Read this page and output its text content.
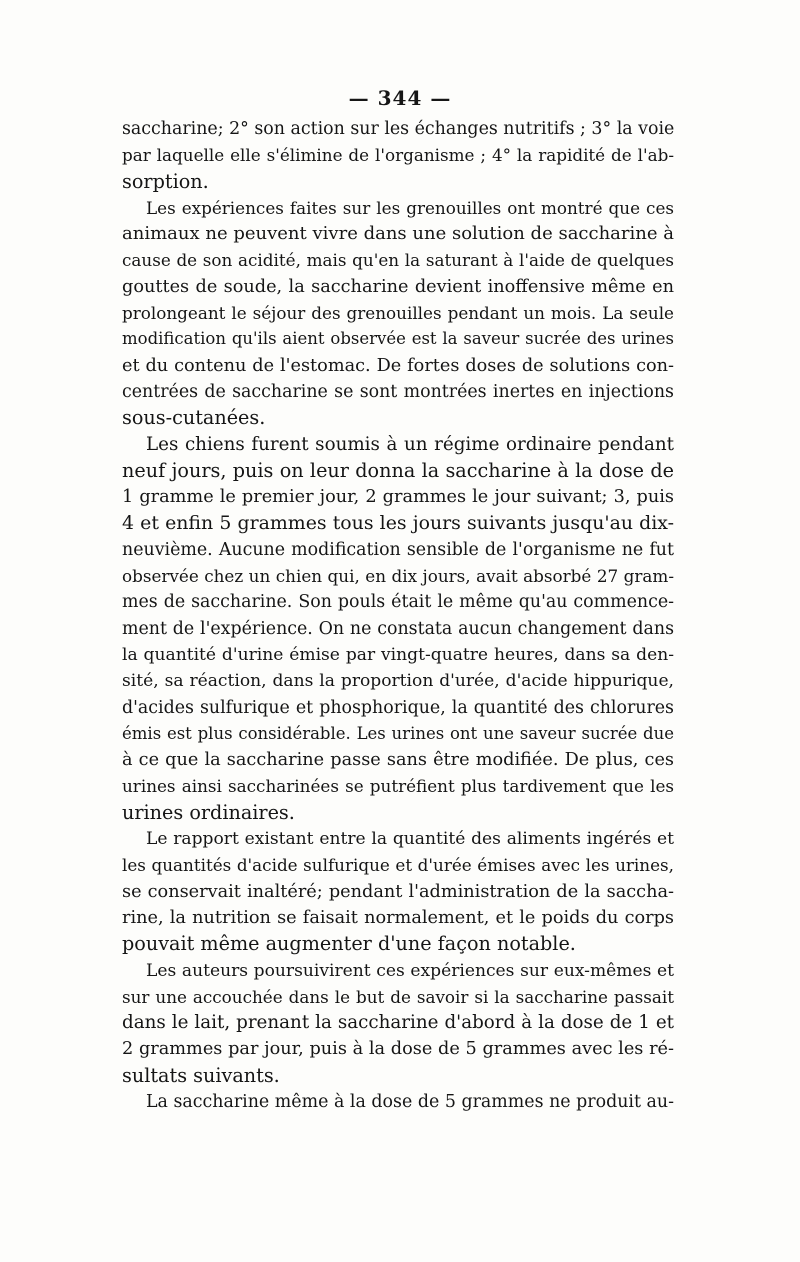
— 344 —
saccharine; 2° son action sur les échanges nutritifs ; 3° la voie
par laquelle elle s'élimine de l'organisme ; 4° la rapidité de l'ab-
sorption.
Les expériences faites sur les grenouilles ont montré que ces
animaux ne peuvent vivre dans une solution de saccharine à
cause de son acidité, mais qu'en la saturant à l'aide de quelques
gouttes de soude, la saccharine devient inoffensive même en
prolongeant le séjour des grenouilles pendant un mois. La seule
modification qu'ils aient observée est la saveur sucrée des urines
et du contenu de l'estomac. De fortes doses de solutions con-
centrées de saccharine se sont montrées inertes en injections
sous-cutanées.
Les chiens furent soumis à un régime ordinaire pendant
neuf jours, puis on leur donna la saccharine à la dose de
1 gramme le premier jour, 2 grammes le jour suivant; 3, puis
4 et enfin 5 grammes tous les jours suivants jusqu'au dix-
neuvième. Aucune modification sensible de l'organisme ne fut
observée chez un chien qui, en dix jours, avait absorbé 27 gram-
mes de saccharine. Son pouls était le même qu'au commence-
ment de l'expérience. On ne constata aucun changement dans
la quantité d'urine émise par vingt-quatre heures, dans sa den-
sité, sa réaction, dans la proportion d'urée, d'acide hippurique,
d'acides sulfurique et phosphorique, la quantité des chlorures
émis est plus considérable. Les urines ont une saveur sucrée due
à ce que la saccharine passe sans être modifiée. De plus, ces
urines ainsi saccharinées se putréfient plus tardivement que les
urines ordinaires.
Le rapport existant entre la quantité des aliments ingérés et
les quantités d'acide sulfurique et d'urée émises avec les urines,
se conservait inaltéré; pendant l'administration de la saccha-
rine, la nutrition se faisait normalement, et le poids du corps
pouvait même augmenter d'une façon notable.
Les auteurs poursuivirent ces expériences sur eux-mêmes et
sur une accouchée dans le but de savoir si la saccharine passait
dans le lait, prenant la saccharine d'abord à la dose de 1 et
2 grammes par jour, puis à la dose de 5 grammes avec les ré-
sultats suivants.
La saccharine même à la dose de 5 grammes ne produit au-
